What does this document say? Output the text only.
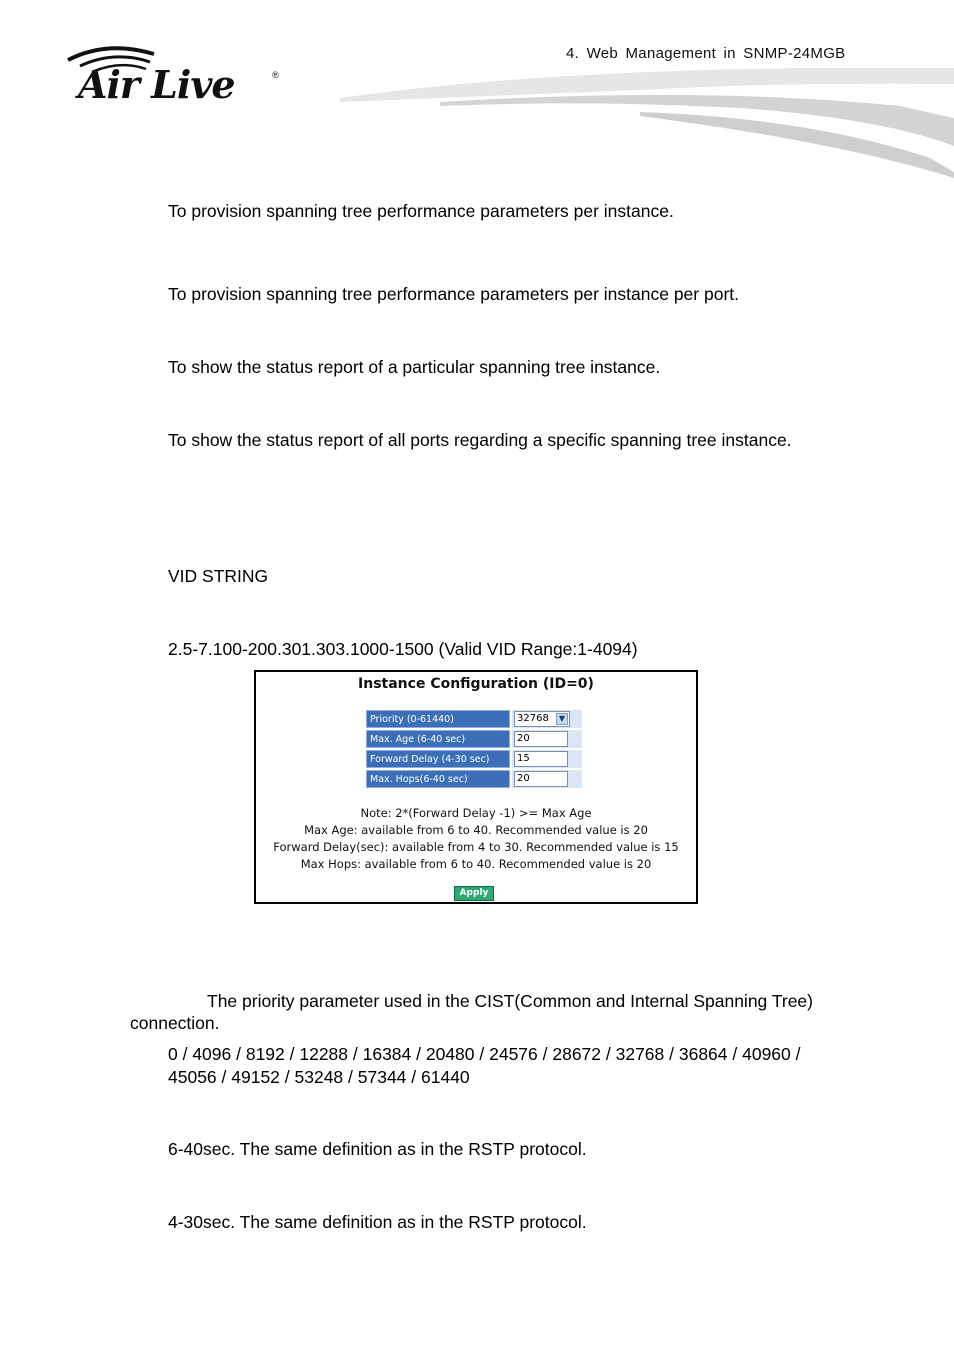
Air Live	®
4. Web Management in SNMP-24MGB
To provision spanning tree performance parameters per instance.
To provision spanning tree performance parameters per instance per port.
To show the status report of a particular spanning tree instance.
To show the status report of all ports regarding a specific spanning tree instance.
VID STRING
2.5-7.100-200.301.303.1000-1500 (Valid VID Range:1-4094)
Instance Configuration (ID=0)
Priority (0-61440)	32768	▼
Max. Age (6-40 sec)	20
Forward Delay (4-30 sec)	15
Max. Hops(6-40 sec)	20
Note: 2*(Forward Delay -1) >= Max Age
Max Age: available from 6 to 40. Recommended value is 20
Forward Delay(sec): available from 4 to 30. Recommended value is 15
Max Hops: available from 6 to 40. Recommended value is 20
Apply
The priority parameter used in the CIST(Common and Internal Spanning Tree)
connection.
0 / 4096 / 8192 / 12288 / 16384 / 20480 / 24576 / 28672 / 32768 / 36864 / 40960 /
45056 / 49152 / 53248 / 57344 / 61440
6-40sec. The same definition as in the RSTP protocol.
4-30sec. The same definition as in the RSTP protocol.
